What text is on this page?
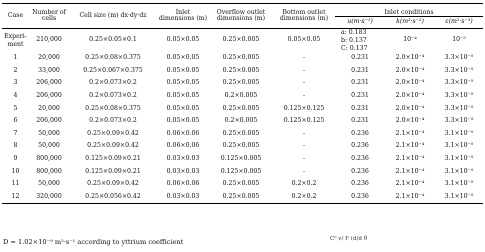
Case	Number of cells	Cell size (m) dx·dy·dz	Inlet dimensions (m)	Overflow outlet dimensions (m)	Bottom outlet dimensions (m)	Inlet conditions		
						u(m·s⁻¹)	k(m²·s⁻²)	ε(m²·s⁻³)
Experi-ment	210,000	0.25×0.05×0.1	0.05×0.05	0.25×0.005	0.05×0.05	a: 0.183
b: 0.137
C: 0.137	10⁻⁴	10⁻⁵
1	20,000	0.25×0.08×0.375	0.05×0.05	0.25×0.005	-	0.231	2.0×10⁻⁴	3.3×10⁻⁵
2	33,000	0.25×0.067×0.375	0.05×0.05	0.25×0.005	-	0.231	2.0×10⁻⁴	3.3×10⁻⁵
3	206,000	0.2×0.073×0.2	0.05×0.05	0.25×0.005	-	0.231	2.0×10⁻⁴	3.3×10⁻⁵
4	206,000	0.2×0.073×0.2	0.05×0.05	0.2×0.005	-	0.231	2.0×10⁻⁴	3.3×10⁻⁵
5	20,000	0.25×0.08×0.375	0.05×0.05	0.25×0.005	0.125×0.125	0.231	2.0×10⁻⁴	3.3×10⁻⁵
6	206,000	0.2×0.073×0.2	0.05×0.05	0.2×0.005	0.125×0.125	0.231	2.0×10⁻⁴	3.3×10⁻⁵
7	50,000	0.25×0.09×0.42	0.06×0.06	0.25×0.005	-	0.236	2.1×10⁻⁴	3.1×10⁻⁵
8	50,000	0.25×0.09×0.42	0.06×0.06	0.25×0.005	-	0.236	2.1×10⁻⁴	3.1×10⁻⁵
9	800,000	0.125×0.09×0.21	0.03×0.03	0.125×0.005	-	0.236	2.1×10⁻⁴	3.1×10⁻⁵
10	800,000	0.125×0.09×0.21	0.03×0.03	0.125×0.005	-	0.236	2.1×10⁻⁴	3.1×10⁻⁵
11	50,000	0.25×0.09×0.42	0.06×0.06	0.25×0.005	0.2×0.2	0.236	2.1×10⁻⁴	3.1×10⁻⁵
12	320,000	0.25×0.056×0.42	0.03×0.03	0.25×0.005	0.2×0.2	0.236	2.1×10⁻⁴	3.1×10⁻⁵
D = 1.02×10⁻⁹ m²·s⁻¹ according to yttrium coefficient	C⁰ v/ F (d/d θ
